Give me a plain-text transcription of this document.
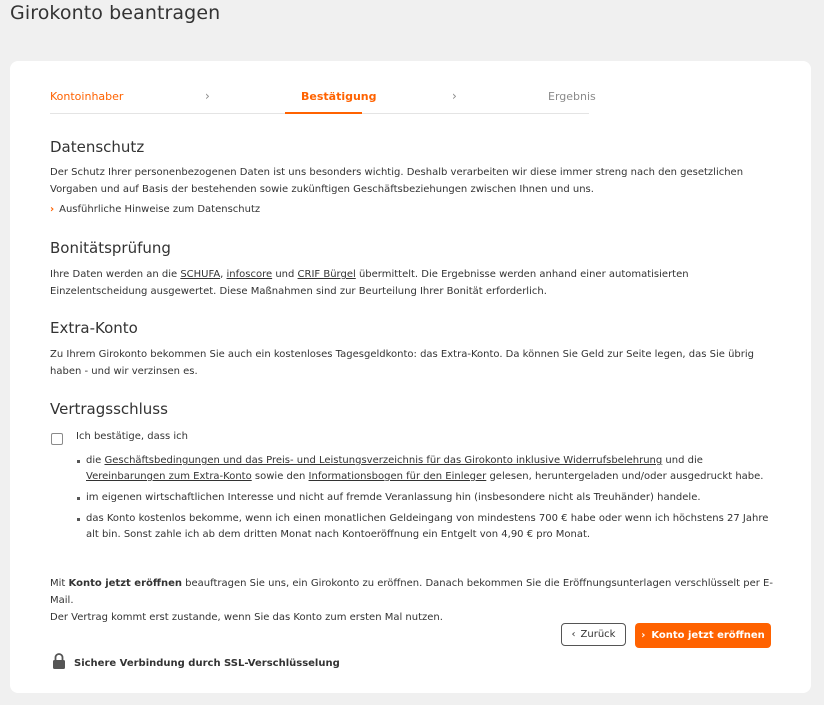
Girokonto beantragen
Kontoinhaber	›	Bestätigung	›	Ergebnis
Datenschutz

Der Schutz Ihrer personenbezogenen Daten ist uns besonders wichtig. Deshalb verarbeiten wir diese immer streng nach den gesetzlichen Vorgaben und auf Basis der bestehenden sowie zukünftigen Geschäftsbeziehungen zwischen Ihnen und uns.

› Ausführliche Hinweise zum Datenschutz
Bonitätsprüfung

Ihre Daten werden an die SCHUFA, infoscore und CRIF Bürgel übermittelt. Die Ergebnisse werden anhand einer automatisierten Einzelentscheidung ausgewertet. Diese Maßnahmen sind zur Beurteilung Ihrer Bonität erforderlich.

Extra-Konto

Zu Ihrem Girokonto bekommen Sie auch ein kostenloses Tagesgeldkonto: das Extra-Konto. Da können Sie Geld zur Seite legen, das Sie übrig haben - und wir verzinsen es.

Vertragsschluss
Ich bestätige, dass ich
die Geschäftsbedingungen und das Preis- und Leistungsverzeichnis für das Girokonto inklusive Widerrufsbelehrung und die Vereinbarungen zum Extra-Konto sowie den Informationsbogen für den Einleger gelesen, heruntergeladen und/oder ausgedruckt habe.
im eigenen wirtschaftlichen Interesse und nicht auf fremde Veranlassung hin (insbesondere nicht als Treuhänder) handele.
das Konto kostenlos bekomme, wenn ich einen monatlichen Geldeingang von mindestens 700 € habe oder wenn ich höchstens 27 Jahre alt bin. Sonst zahle ich ab dem dritten Monat nach Kontoeröffnung ein Entgelt von 4,90 € pro Monat.

Mit Konto jetzt eröffnen beauftragen Sie uns, ein Girokonto zu eröffnen. Danach bekommen Sie die Eröffnungsunterlagen verschlüsselt per E-Mail.
Der Vertrag kommt erst zustande, wenn Sie das Konto zum ersten Mal nutzen.

‹ Zurück	› Konto jetzt eröffnen
Sichere Verbindung durch SSL-Verschlüsselung
